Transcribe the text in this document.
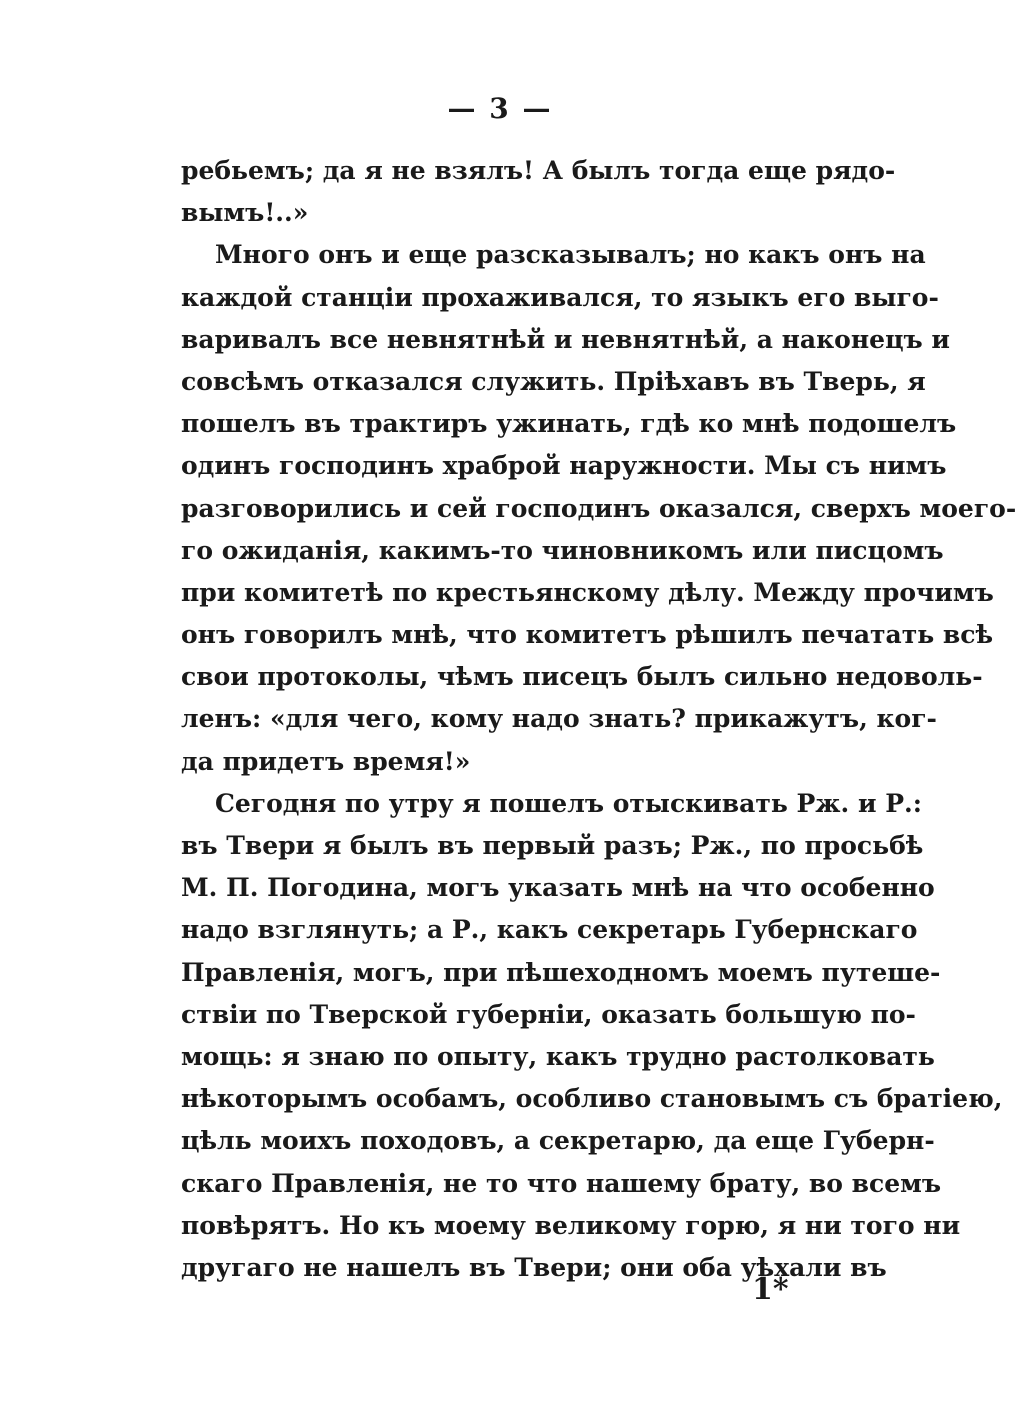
— 3 —
ребьемъ; да я не взялъ! А былъ тогда еще рядо-
вымъ!..»
Много онъ и еще разсказывалъ; но какъ онъ на
каждой станціи прохаживался, то языкъ его выго-
варивалъ все невнятнѣй и невнятнѣй, а наконецъ и
совсѣмъ отказался служить. Пріѣхавъ въ Тверь, я
пошелъ въ трактиръ ужинать, гдѣ ко мнѣ подошелъ
одинъ господинъ храброй наружности. Мы съ нимъ
разговорились и сей господинъ оказался, сверхъ моего-
го ожиданія, какимъ-то чиновникомъ или писцомъ
при комитетѣ по крестьянскому дѣлу. Между прочимъ
онъ говорилъ мнѣ, что комитетъ рѣшилъ печатать всѣ
свои протоколы, чѣмъ писецъ былъ сильно недоволь-
ленъ: «для чего, кому надо знать? прикажутъ, ког-
да придетъ время!»
Сегодня по утру я пошелъ отыскивать Рж. и Р.:
въ Твери я былъ въ первый разъ; Рж., по просьбѣ
М. П. Погодина, могъ указать мнѣ на что особенно
надо взглянуть; а Р., какъ секретарь Губернскаго
Правленія, могъ, при пѣшеходномъ моемъ путеше-
ствіи по Тверской губерніи, оказать большую по-
мощь: я знаю по опыту, какъ трудно растолковать
нѣкоторымъ особамъ, особливо становымъ съ братіею,
цѣль моихъ походовъ, а секретарю, да еще Губерн-
скаго Правленія, не то что нашему брату, во всемъ
повѣрятъ. Но къ моему великому горю, я ни того ни
другаго не нашелъ въ Твери; они оба уѣхали въ
1*
